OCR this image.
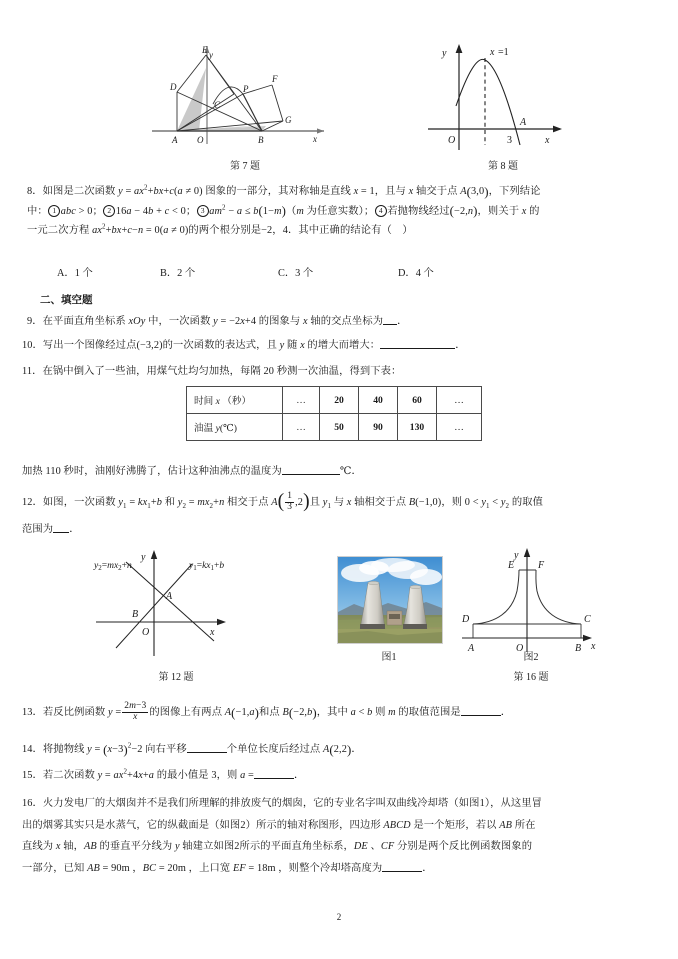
D
E
C
P
F
G
A O	B	x
y
第 7 题
y	x =1
O	3
A
x
第 8 题
8．如图是二次函数 $y = ax^2+bx+c(a \ne 0)$ 图象的一部分，其对称轴是直线 x = 1，且与 x 轴交于点 A(3,0)，下列结论
中： 1 abc > 0； 2 16a − 4b + c < 0； 3 $am^2 - a \le b(1-m)(m$ 为任意实数）； 4 若抛物线经过(−2,n)，则关于 x 的
一元二次方程 $ax^2+bx+c-n = 0(a \ne 0)$的两个根分别是−2，4．其中正确的结论有（　）
A．1 个	B．2 个	C．3 个	D．4 个
二、填空题
9．在平面直角坐标系 xOy 中，一次函数 y = −2x+4 的图象与 x 轴的交点坐标为 ．
10．写出一个图像经过点(−3,2)的一次函数的表达式，且 y 随 x 的增大而增大：	．
11．在锅中倒入了一些油，用煤气灶均匀加热，每隔 20 秒测一次油温，得到下表：
时间 x （秒）	…	20	40	60	…
油温 y(℃)	…	50	90	130	…
加热 110 秒时，油刚好沸腾了，估计这种油沸点的温度为	℃．
12．如图，一次函数 $y_1 = kx_1+b$ 和 $y_2 = mx_2+n$ 相交于点 $A( \frac{1}{3} ,2)$且 $y_1$ 与 x 轴相交于点 B(−1,0)，则 $0 < y_1 < y_2$ 的取值
范围为 ．
y
$y_2=mx_2+n$	$y_1=kx_1+b$
A
B
O	x
第 12 题
图1
y
E F
D	C
A	O	B x
图2
第 16 题
13．若反比例函数 $y = \frac{2m-3}{x}$ 的图像上有两点 A(−1,a)和点 B(−2,b)，其中 a < b 则 m 的取值范围是	．
14．将抛物线 $y = (x-3)^2-2$ 向右平移	个单位长度后经过点 A(2,2)．
15．若二次函数 $y = ax^2+4x+a$ 的最小值是 3，则 a =	．
16．火力发电厂的大烟囱并不是我们所理解的排放废气的烟囱，它的专业名字叫双曲线冷却塔（如图1），从这里冒
出的烟雾其实只是水蒸气，它的纵截面是（如图2）所示的轴对称图形，四边形 ABCD 是一个矩形，若以 AB 所在
直线为 x 轴，AB 的垂直平分线为 y 轴建立如图2所示的平面直角坐标系，DE 、CF 分别是两个反比例函数图象的
一部分，已知 AB = 90m ，BC = 20m ，上口宽 EF = 18m ，则整个冷却塔高度为	．
2
